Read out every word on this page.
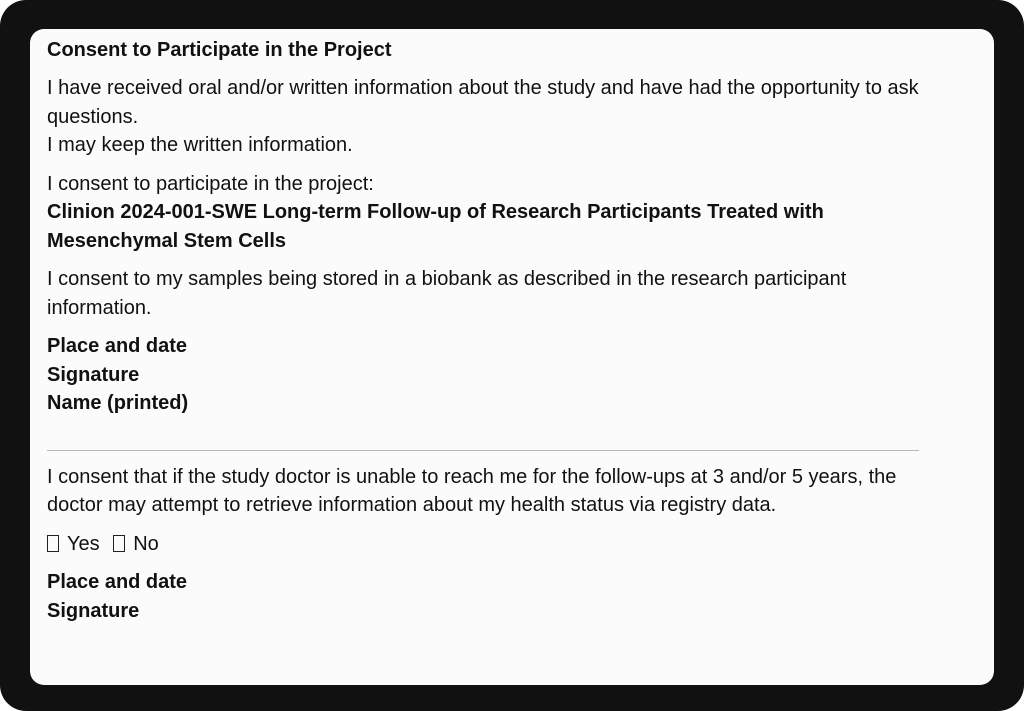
Consent to Participate in the Project
I have received oral and/or written information about the study and have had the opportunity to ask questions.
I may keep the written information.
I consent to participate in the project:
Clinion 2024-001-SWE Long-term Follow-up of Research Participants Treated with Mesenchymal Stem Cells
I consent to my samples being stored in a biobank as described in the research participant information.
Place and date
Signature
Name (printed)
I consent that if the study doctor is unable to reach me for the follow-ups at 3 and/or 5 years, the doctor may attempt to retrieve information about my health status via registry data.
Yes No
Place and date
Signature
